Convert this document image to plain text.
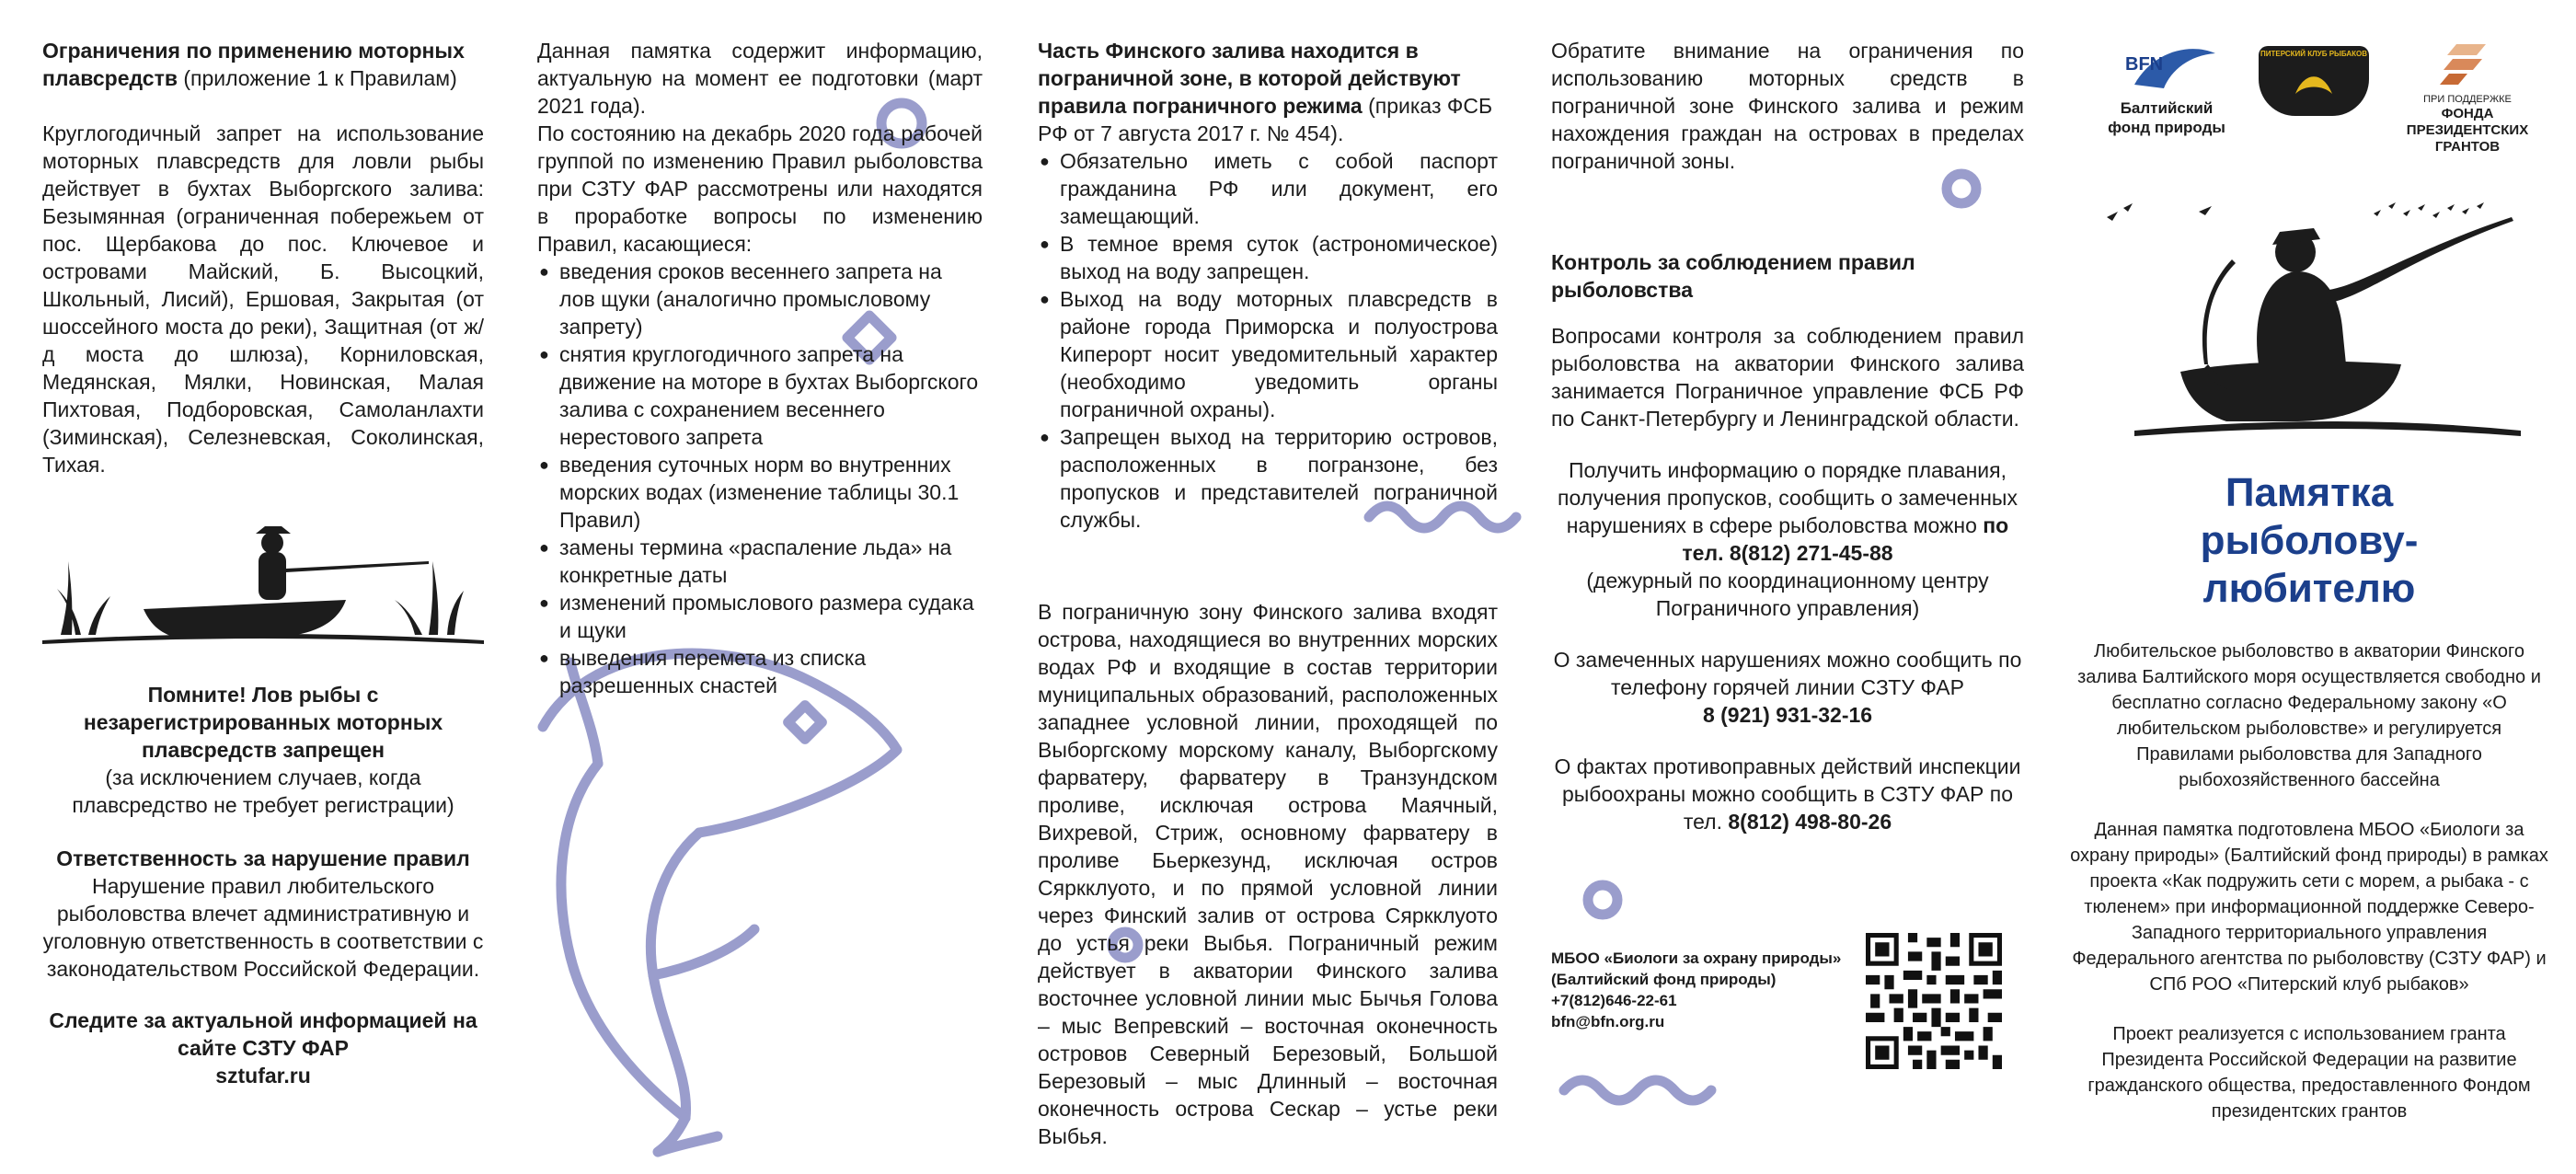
Ограничения по применению моторных плавсредств (приложение 1 к Правилам)

Круглогодичный запрет на использование моторных плавсредств для ловли рыбы действует в бухтах Выборгского залива: Безымянная (ограниченная побережьем от пос. Щербакова до пос. Ключевое и островами Майский, Б. Высоцкий, Школьный, Лисий), Ершовая, Закрытая (от шоссейного моста до реки), Защитная (от ж/д моста до шлюза), Корниловская, Медянская, Мялки, Новинская, Малая Пихтовая, Подборовская, Самоланлахти (Зиминская), Селезневская, Соколинская, Тихая.

Помните! Лов рыбы с незарегистрированных моторных плавсредств запрещен

(за исключением случаев, когда плавсредство не требует регистрации)

Ответственность за нарушение правил

Нарушение правил любительского рыболовства влечет административную и уголовную ответственность в соответствии с законодательством Российской Федерации.

Следите за актуальной информацией на сайте СЗТУ ФАР

sztufar.ru

Данная памятка содержит информацию, актуальную на момент ее подготовки (март 2021 года).

По состоянию на декабрь 2020 года рабочей группой по изменению Правил рыболовства при СЗТУ ФАР рассмотрены или находятся в проработке вопросы по изменению Правил, касающиеся:

● введения сроков весеннего запрета на лов щуки (аналогично промысловому запрету)
● снятия круглогодичного запрета на движение на моторе в бухтах Выборгского залива с сохранением весеннего нерестового запрета
● введения суточных норм во внутренних морских водах (изменение таблицы 30.1 Правил)
● замены термина «распаление льда» на конкретные даты
● изменений промыслового размера судака и щуки
● выведения перемета из списка разрешенных снастей

Часть Финского залива находится в пограничной зоне, в которой действуют правила пограничного режима (приказ ФСБ РФ от 7 августа 2017 г. № 454).

● Обязательно иметь с собой паспорт гражданина РФ или документ, его замещающий.
● В темное время суток (астрономическое) выход на воду запрещен.
● Выход на воду моторных плавсредств в районе города Приморска и полуострова Киперорт носит уведомительный характер (необходимо уведомить органы пограничной охраны).
● Запрещен выход на территорию островов, расположенных в погранзоне, без пропусков и представителей пограничной службы.

В пограничную зону Финского залива входят острова, находящиеся во внутренних морских водах РФ и входящие в состав территории муниципальных образований, расположенных западнее условной линии, проходящей по Выборгскому морскому каналу, Выборгскому фарватеру, фарватеру в Транзундском проливе, исключая острова Маячный, Вихревой, Стриж, основному фарватеру в проливе Бьеркезунд, исключая остров Сяркклуото, и по прямой условной линии через Финский залив от острова Сяркклуото до устья реки Выбья. Пограничный режим действует в акватории Финского залива восточнее условной линии мыс Бычья Голова – мыс Вепревский – восточная оконечность островов Северный Березовый, Большой Березовый – мыс Длинный – восточная оконечность острова Сескар – устье реки Выбья.

Обратите внимание на ограничения по использованию моторных средств в пограничной зоне Финского залива и режим нахождения граждан на островах в пределах пограничной зоны.

Контроль за соблюдением правил рыболовства

Вопросами контроля за соблюдением правил рыболовства на акватории Финского залива занимается Пограничное управление ФСБ РФ по Санкт-Петербургу и Ленинградской области.

Получить информацию о порядке плавания, получения пропусков, сообщить о замеченных нарушениях в сфере рыболовства можно по тел. 8(812) 271-45-88

(дежурный по координационному центру Пограничного управления)

О замеченных нарушениях можно сообщить по телефону горячей линии СЗТУ ФАР

8 (921) 931-32-16

О фактах противоправных действий инспекции рыбоохраны можно сообщить в СЗТУ ФАР по тел. 8(812) 498-80-26

МБОО «Биологи за охрану природы» (Балтийский фонд природы)

+7(812)646-22-61

bfn@bfn.org.ru

BFN

Балтийский фонд природы

ПИТЕРСКИЙ КЛУБ РЫБАКОВ

ПРИ ПОДДЕРЖКЕ

ФОНДА ПРЕЗИДЕНТСКИХ ГРАНТОВ

Памятка рыболову-любителю

Любительское рыболовство в акватории Финского залива Балтийского моря осуществляется свободно и бесплатно согласно Федеральному закону «О любительском рыболовстве» и регулируется Правилами рыболовства для Западного рыбохозяйственного бассейна

Данная памятка подготовлена МБОО «Биологи за охрану природы» (Балтийский фонд природы) в рамках проекта «Как подружить сети с морем, а рыбака - с тюленем» при информационной поддержке Северо-Западного территориального управления Федерального агентства по рыболовству (СЗТУ ФАР) и СПб РОО «Питерский клуб рыбаков»

Проект реализуется с использованием гранта Президента Российской Федерации на развитие гражданского общества, предоставленного Фондом президентских грантов
